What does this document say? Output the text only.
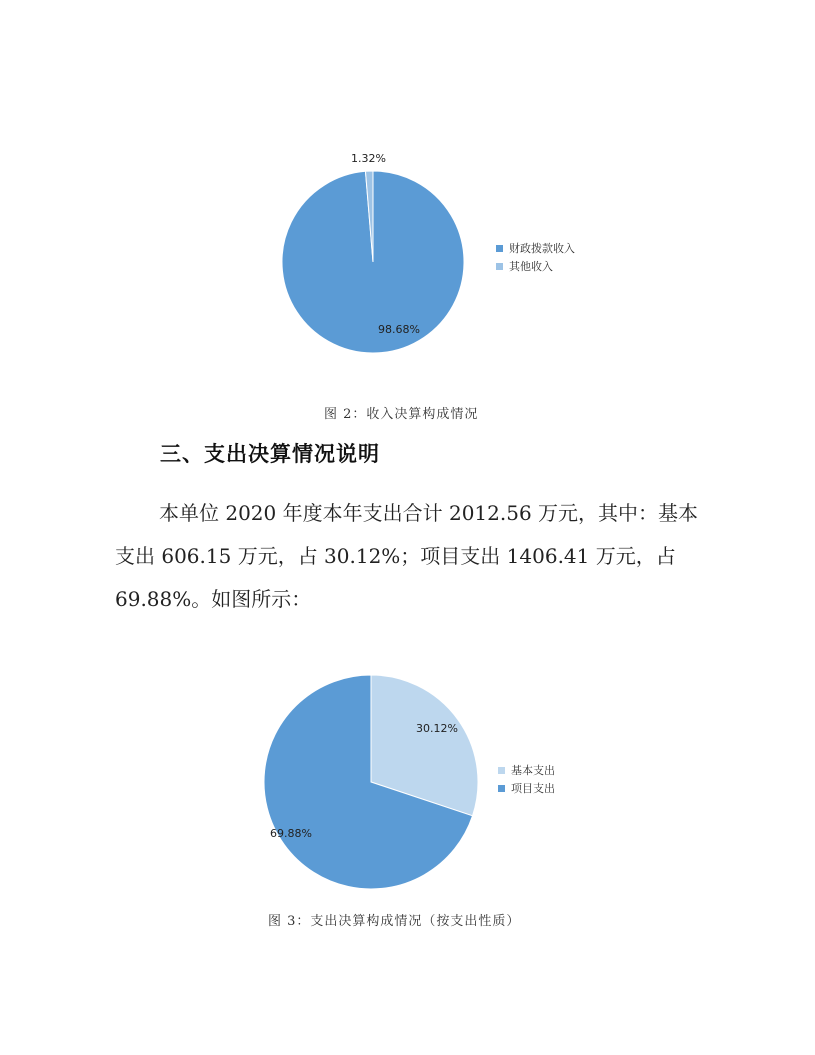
98.68%
1.32%
30.12%
69.88%
财政拨款收入
其他收入
图 2：收入决算构成情况
三、支出决算情况说明
本单位 2020 年度本年支出合计 2012.56 万元，其中：基本
支出 606.15 万元，占 30.12%；项目支出 1406.41 万元，占
69.88%。如图所示：
基本支出
项目支出
图 3：支出决算构成情况（按支出性质）
